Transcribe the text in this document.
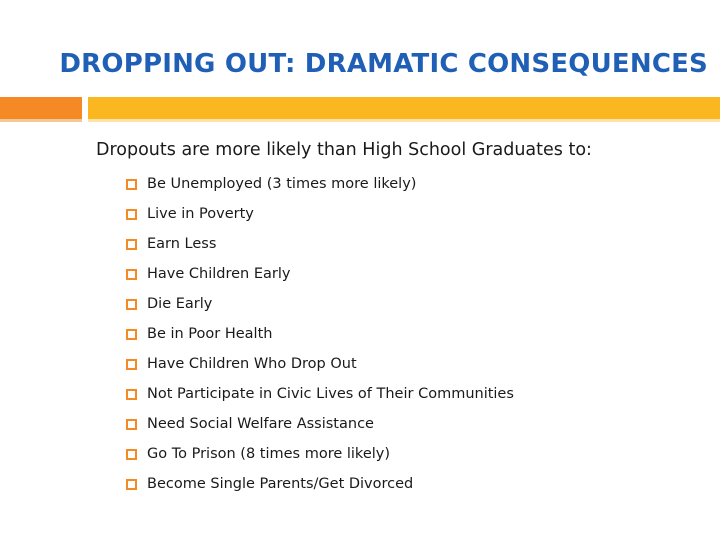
DROPPING OUT: DRAMATIC CONSEQUENCES
Dropouts are more likely than High School Graduates to:
Be Unemployed (3 times more likely)
Live in Poverty
Earn Less
Have Children Early
Die Early
Be in Poor Health
Have Children Who Drop Out
Not Participate in Civic Lives of Their Communities
Need Social Welfare Assistance
Go To Prison (8 times more likely)
Become Single Parents/Get Divorced
